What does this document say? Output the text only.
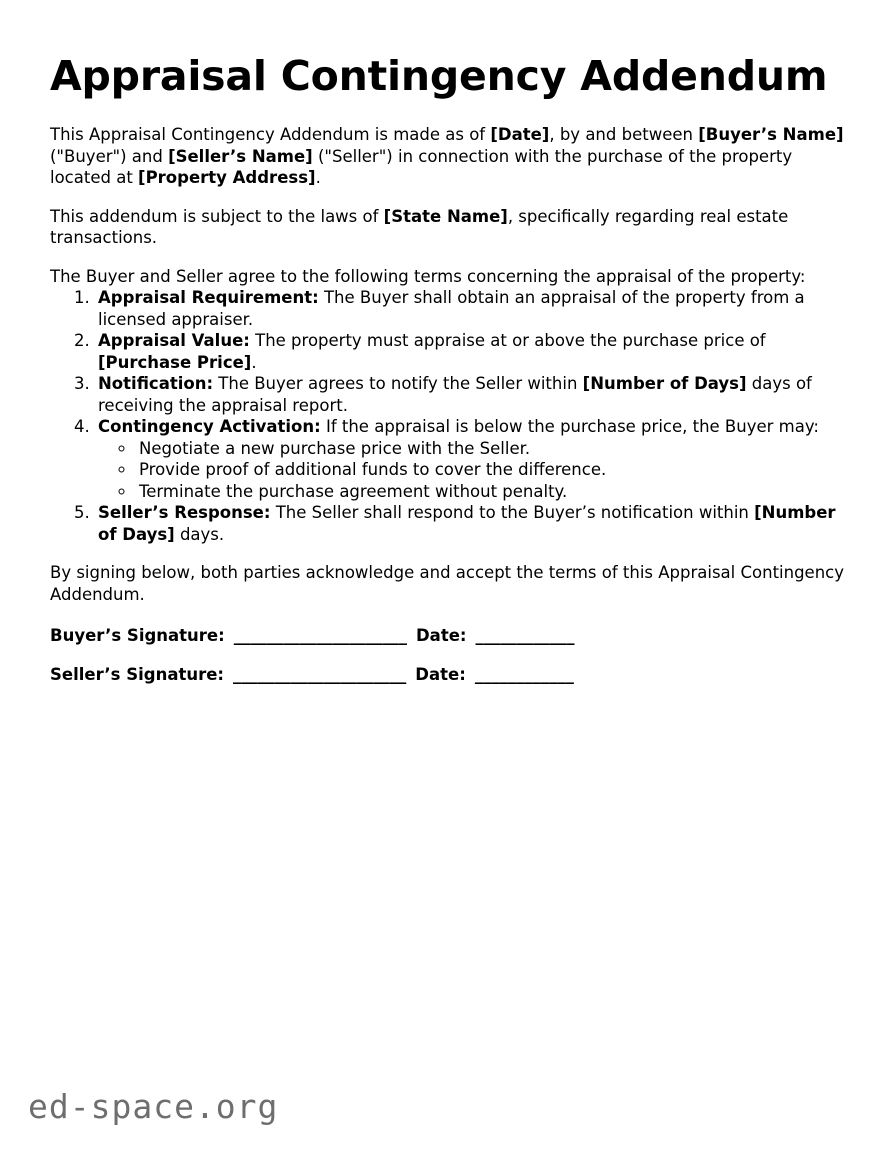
Appraisal Contingency Addendum

This Appraisal Contingency Addendum is made as of [Date], by and between [Buyer’s Name] ("Buyer") and [Seller’s Name] ("Seller") in connection with the purchase of the property located at [Property Address].

This addendum is subject to the laws of [State Name], specifically regarding real estate transactions.

The Buyer and Seller agree to the following terms concerning the appraisal of the property:

1. Appraisal Requirement: The Buyer shall obtain an appraisal of the property from a licensed appraiser.
2. Appraisal Value: The property must appraise at or above the purchase price of [Purchase Price].
3. Notification: The Buyer agrees to notify the Seller within [Number of Days] days of receiving the appraisal report.
4. Contingency Activation: If the appraisal is below the purchase price, the Buyer may:
◦ Negotiate a new purchase price with the Seller.
◦ Provide proof of additional funds to cover the difference.
◦ Terminate the purchase agreement without penalty.
5. Seller’s Response: The Seller shall respond to the Buyer’s notification within [Number of Days] days.

By signing below, both parties acknowledge and accept the terms of this Appraisal Contingency Addendum.

Buyer’s Signature: _____________________ Date: ____________
Seller’s Signature: _____________________ Date: ____________
ed-space.org
